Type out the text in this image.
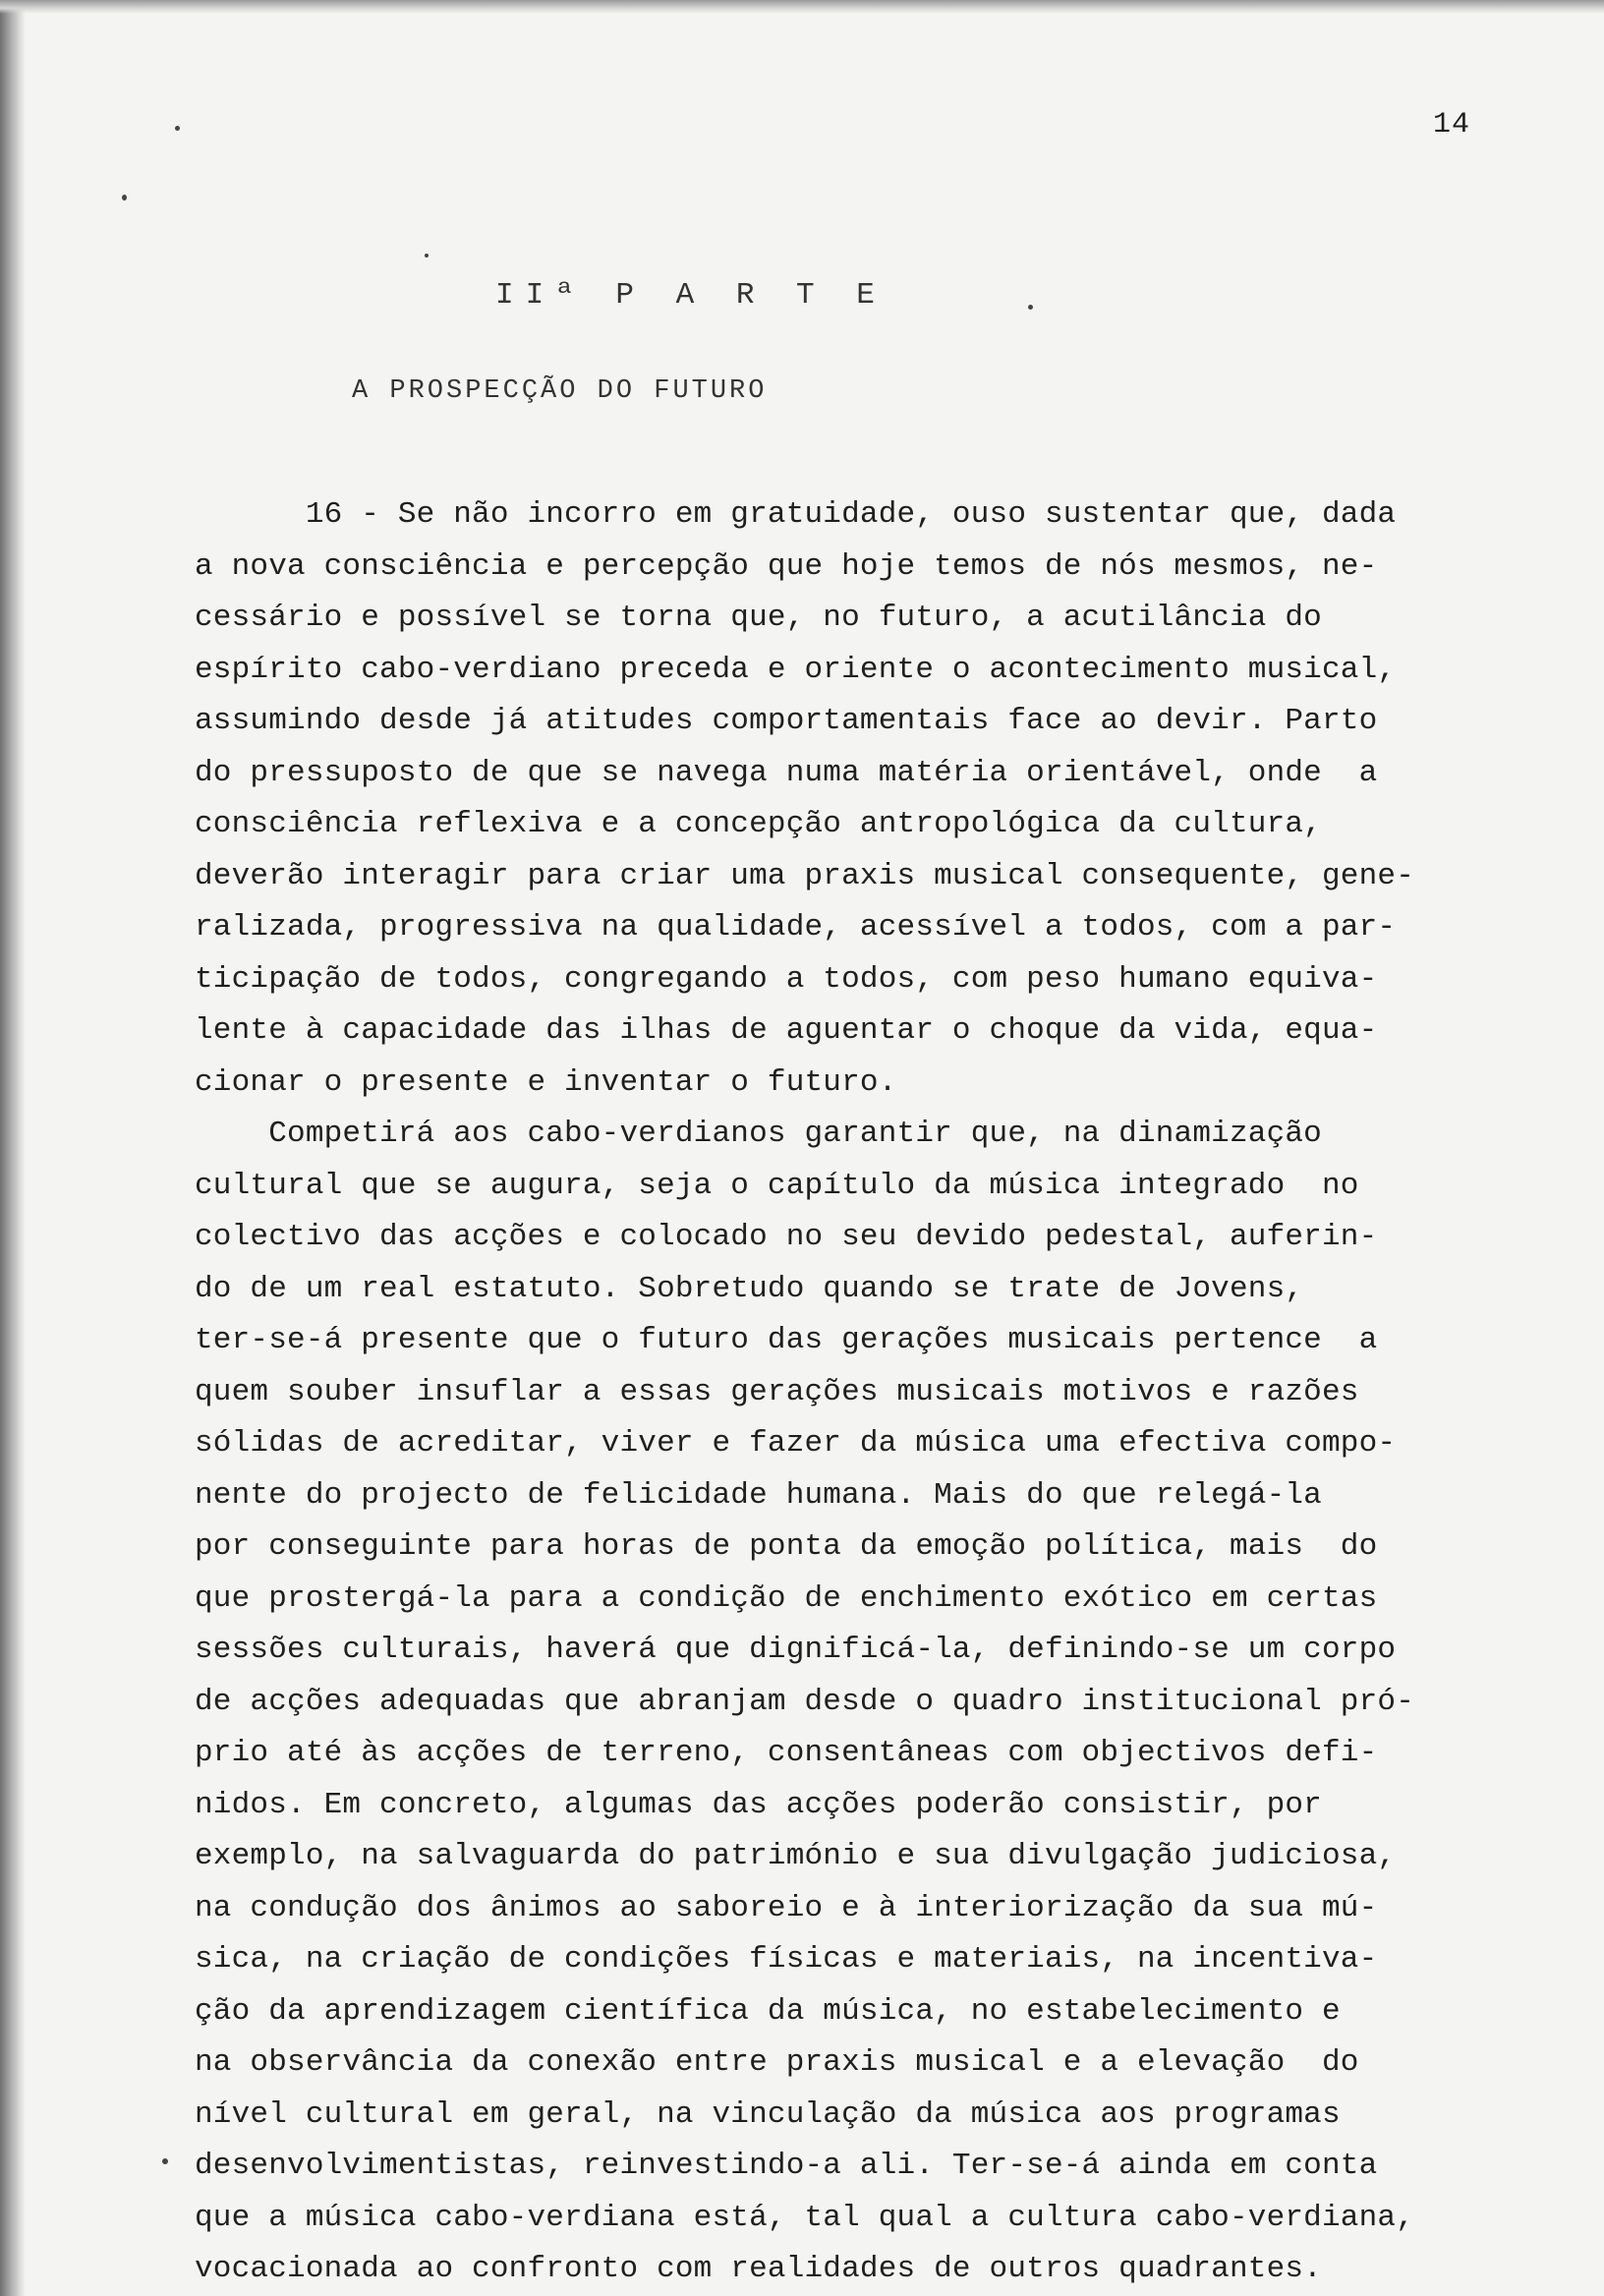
14
IIª P A R T E
A PROSPECÇÃO DO FUTURO
16 - Se não incorro em gratuidade, ouso sustentar que, dada
a nova consciência e percepção que hoje temos de nós mesmos, ne-
cessário e possível se torna que, no futuro, a acutilância do
espírito cabo-verdiano preceda e oriente o acontecimento musical,
assumindo desde já atitudes comportamentais face ao devir. Parto
do pressuposto de que se navega numa matéria orientável, onde  a
consciência reflexiva e a concepção antropológica da cultura,
deverão interagir para criar uma praxis musical consequente, gene-
ralizada, progressiva na qualidade, acessível a todos, com a par-
ticipação de todos, congregando a todos, com peso humano equiva-
lente à capacidade das ilhas de aguentar o choque da vida, equa-
cionar o presente e inventar o futuro.
Competirá aos cabo-verdianos garantir que, na dinamização
cultural que se augura, seja o capítulo da música integrado  no
colectivo das acções e colocado no seu devido pedestal, auferin-
do de um real estatuto. Sobretudo quando se trate de Jovens,
ter-se-á presente que o futuro das gerações musicais pertence  a
quem souber insuflar a essas gerações musicais motivos e razões
sólidas de acreditar, viver e fazer da música uma efectiva compo-
nente do projecto de felicidade humana. Mais do que relegá-la
por conseguinte para horas de ponta da emoção política, mais  do
que prostergá-la para a condição de enchimento exótico em certas
sessões culturais, haverá que dignificá-la, definindo-se um corpo
de acções adequadas que abranjam desde o quadro institucional pró-
prio até às acções de terreno, consentâneas com objectivos defi-
nidos. Em concreto, algumas das acções poderão consistir, por
exemplo, na salvaguarda do património e sua divulgação judiciosa,
na condução dos ânimos ao saboreio e à interiorização da sua mú-
sica, na criação de condições físicas e materiais, na incentiva-
ção da aprendizagem científica da música, no estabelecimento e
na observância da conexão entre praxis musical e a elevação  do
nível cultural em geral, na vinculação da música aos programas
desenvolvimentistas, reinvestindo-a ali. Ter-se-á ainda em conta
que a música cabo-verdiana está, tal qual a cultura cabo-verdiana,
vocacionada ao confronto com realidades de outros quadrantes.
